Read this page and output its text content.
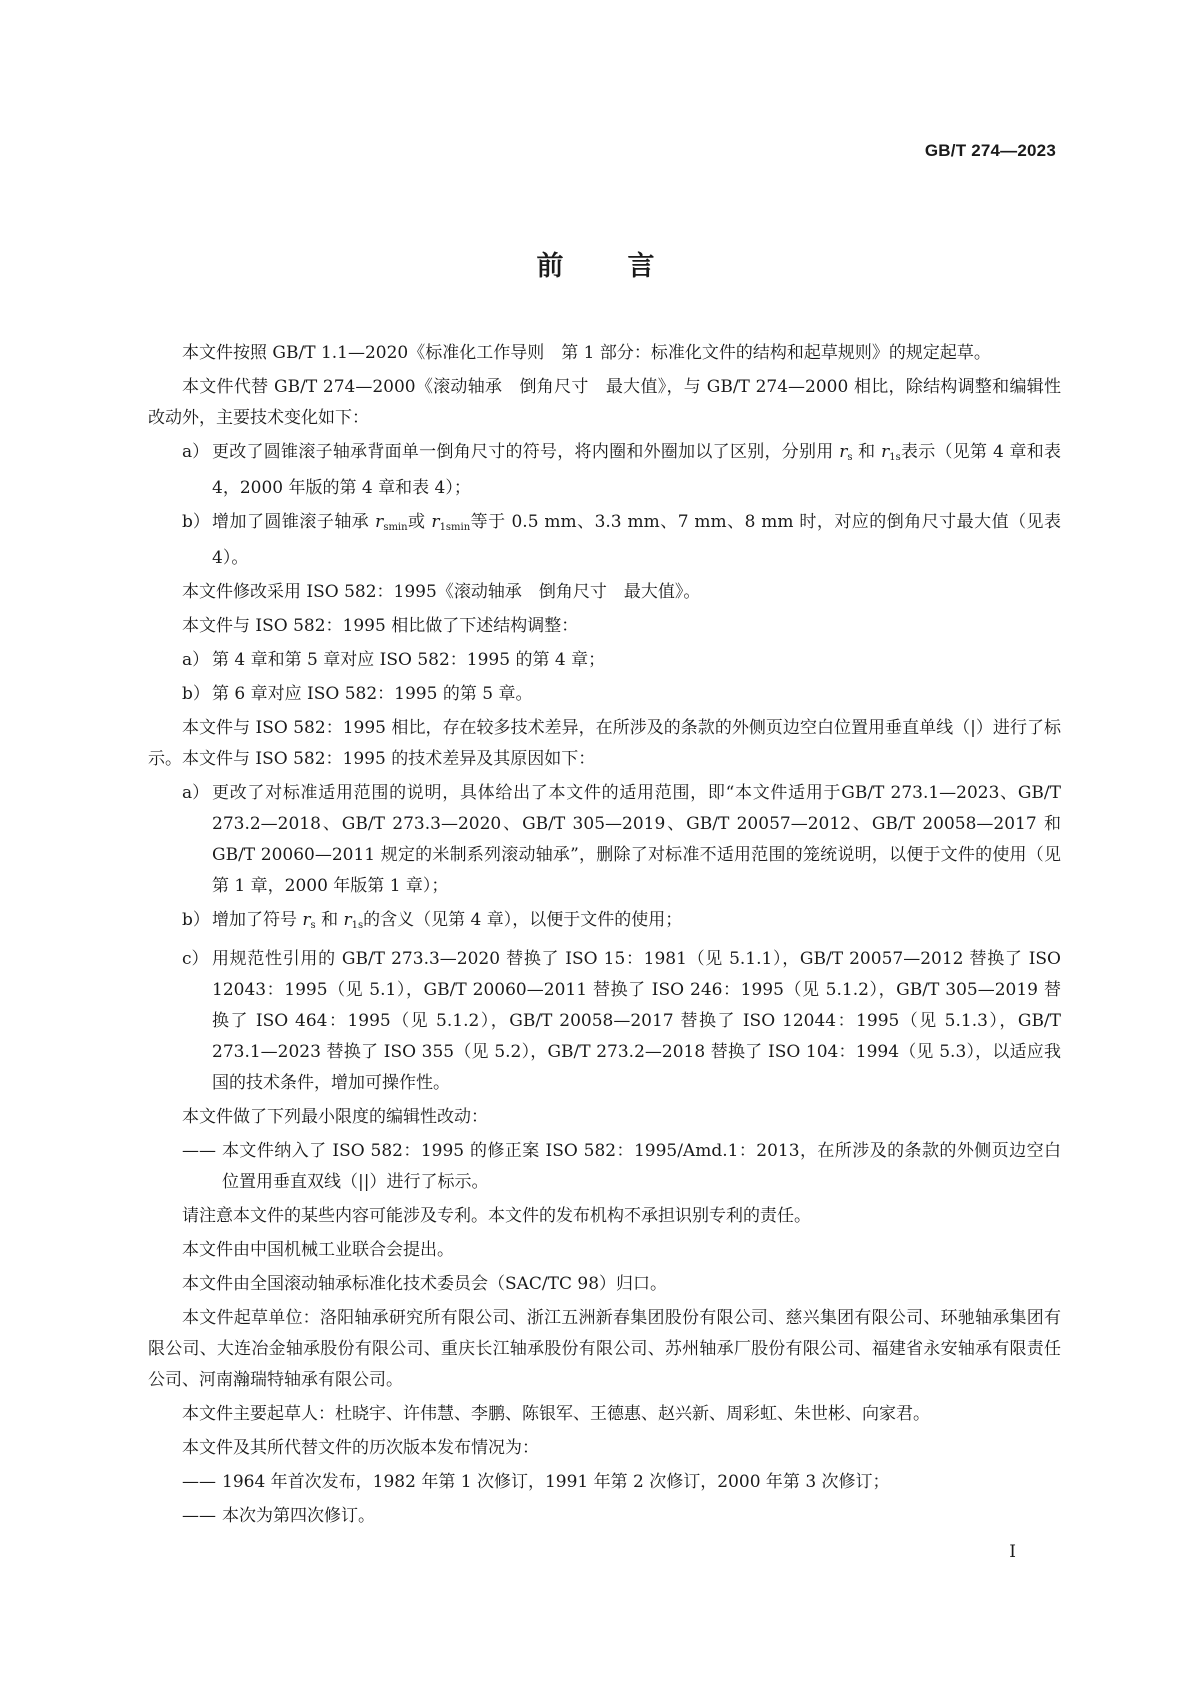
GB/T 274—2023
前 言

本文件按照 GB/T 1.1—2020《标准化工作导则　第 1 部分：标准化文件的结构和起草规则》的规定起草。

本文件代替 GB/T 274—2000《滚动轴承　倒角尺寸　最大值》，与 GB/T 274—2000 相比，除结构调整和编辑性改动外，主要技术变化如下：

a） 更改了圆锥滚子轴承背面单一倒角尺寸的符号，将内圈和外圈加以了区别，分别用 $r_s$ 和 $r_{1s}$表示（见第 4 章和表 4，2000 年版的第 4 章和表 4）；
b） 增加了圆锥滚子轴承 $r_{smin}$或 $r_{1smin}$等于 0.5 mm、3.3 mm、7 mm、8 mm 时，对应的倒角尺寸最大值（见表 4）。

本文件修改采用 ISO 582：1995《滚动轴承　倒角尺寸　最大值》。

本文件与 ISO 582：1995 相比做了下述结构调整：

a） 第 4 章和第 5 章对应 ISO 582：1995 的第 4 章；
b） 第 6 章对应 ISO 582：1995 的第 5 章。

本文件与 ISO 582：1995 相比，存在较多技术差异，在所涉及的条款的外侧页边空白位置用垂直单线（|）进行了标示。本文件与 ISO 582：1995 的技术差异及其原因如下：

a） 更改了对标准适用范围的说明，具体给出了本文件的适用范围，即“本文件适用于GB/T 273.1—2023、GB/T 273.2—2018、GB/T 273.3—2020、GB/T 305—2019、GB/T 20057—2012、GB/T 20058—2017 和 GB/T 20060—2011 规定的米制系列滚动轴承”，删除了对标准不适用范围的笼统说明，以便于文件的使用（见第 1 章，2000 年版第 1 章）；
b） 增加了符号 $r_s$ 和 $r_{1s}$的含义（见第 4 章），以便于文件的使用；
c） 用规范性引用的 GB/T 273.3—2020 替换了 ISO 15：1981（见 5.1.1），GB/T 20057—2012 替换了 ISO 12043：1995（见 5.1），GB/T 20060—2011 替换了 ISO 246：1995（见 5.1.2），GB/T 305—2019 替换了 ISO 464：1995（见 5.1.2），GB/T 20058—2017 替换了 ISO 12044：1995（见 5.1.3），GB/T 273.1—2023 替换了 ISO 355（见 5.2），GB/T 273.2—2018 替换了 ISO 104：1994（见 5.3），以适应我国的技术条件，增加可操作性。

本文件做了下列最小限度的编辑性改动：

—— 本文件纳入了 ISO 582：1995 的修正案 ISO 582：1995/Amd.1：2013，在所涉及的条款的外侧页边空白位置用垂直双线（||）进行了标示。

请注意本文件的某些内容可能涉及专利。本文件的发布机构不承担识别专利的责任。

本文件由中国机械工业联合会提出。

本文件由全国滚动轴承标准化技术委员会（SAC/TC 98）归口。

本文件起草单位：洛阳轴承研究所有限公司、浙江五洲新春集团股份有限公司、慈兴集团有限公司、环驰轴承集团有限公司、大连冶金轴承股份有限公司、重庆长江轴承股份有限公司、苏州轴承厂股份有限公司、福建省永安轴承有限责任公司、河南瀚瑞特轴承有限公司。

本文件主要起草人：杜晓宇、许伟慧、李鹏、陈银军、王德惠、赵兴新、周彩虹、朱世彬、向家君。

本文件及其所代替文件的历次版本发布情况为：

—— 1964 年首次发布，1982 年第 1 次修订，1991 年第 2 次修订，2000 年第 3 次修订；
—— 本次为第四次修订。
I
